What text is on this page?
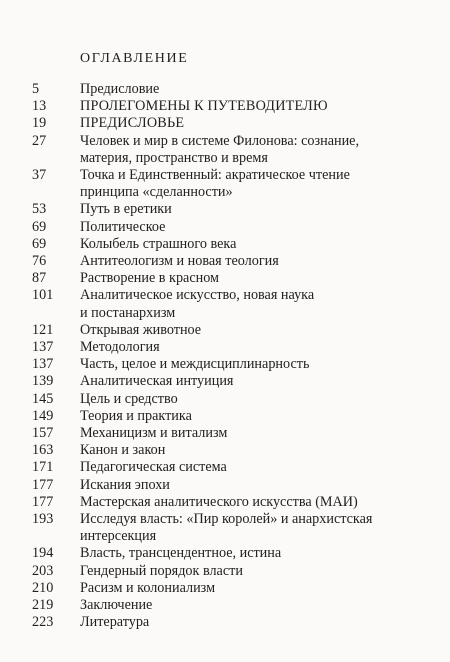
ОГЛАВЛЕНИЕ
5	Предисловие
13	ПРОЛЕГОМЕНЫ К ПУТЕВОДИТЕЛЮ
19	ПРЕДИСЛОВЬЕ
27	Человек и мир в системе Филонова: сознание,
материя, пространство и время
37	Точка и Единственный: акратическое чтение
принципа «сделанности»
53	Путь в еретики
69	Политическое
69	Колыбель страшного века
76	Антитеологизм и новая теология
87	Растворение в красном
101	Аналитическое искусство, новая наука
и постанархизм
121	Открывая животное
137	Методология
137	Часть, целое и междисциплинарность
139	Аналитическая интуиция
145	Цель и средство
149	Теория и практика
157	Механицизм и витализм
163	Канон и закон
171	Педагогическая система
177	Искания эпохи
177	Мастерская аналитического искусства (МАИ)
193	Исследуя власть: «Пир королей» и анархистская
интерсекция
194	Власть, трансцендентное, истина
203	Гендерный порядок власти
210	Расизм и колониализм
219	Заключение
223	Литература
